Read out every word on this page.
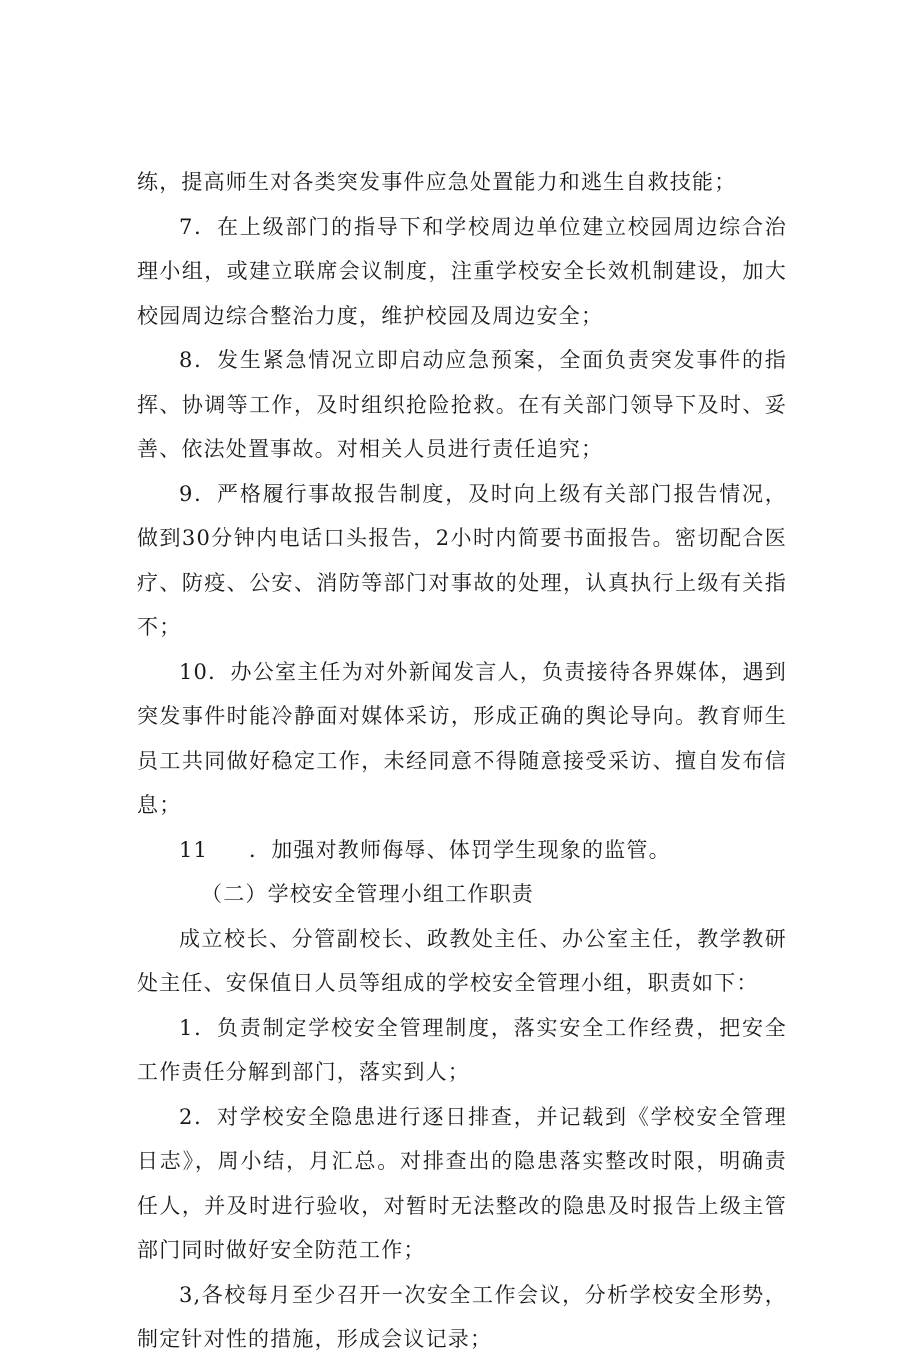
练，提高师生对各类突发事件应急处置能力和逃生自救技能；

7．在上级部门的指导下和学校周边单位建立校园周边综合治理小组，或建立联席会议制度，注重学校安全长效机制建设，加大校园周边综合整治力度，维护校园及周边安全；

8．发生紧急情况立即启动应急预案，全面负责突发事件的指挥、协调等工作，及时组织抢险抢救。在有关部门领导下及时、妥善、依法处置事故。对相关人员进行责任追究；

9．严格履行事故报告制度，及时向上级有关部门报告情况，做到30分钟内电话口头报告，2小时内简要书面报告。密切配合医疗、防疫、公安、消防等部门对事故的处理，认真执行上级有关指不；

10．办公室主任为对外新闻发言人，负责接待各界媒体，遇到突发事件时能冷静面对媒体采访，形成正确的舆论导向。教育师生员工共同做好稳定工作，未经同意不得随意接受采访、擅自发布信息；

11 ．加强对教师侮辱、体罚学生现象的监管。

（二）学校安全管理小组工作职责

成立校长、分管副校长、政教处主任、办公室主任，教学教研处主任、安保值日人员等组成的学校安全管理小组，职责如下：

1．负责制定学校安全管理制度，落实安全工作经费，把安全工作责任分解到部门，落实到人；

2．对学校安全隐患进行逐日排查，并记载到《学校安全管理日志》，周小结，月汇总。对排查出的隐患落实整改时限，明确责任人，并及时进行验收，对暂时无法整改的隐患及时报告上级主管部门同时做好安全防范工作；

3,各校每月至少召开一次安全工作会议，分析学校安全形势，制定针对性的措施，形成会议记录；
